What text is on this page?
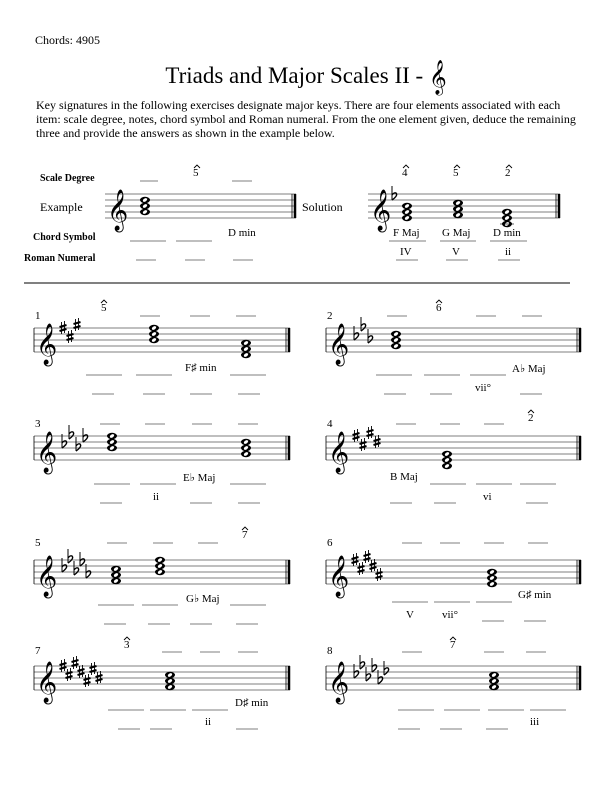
Chords: 4905
Triads and Major Scales II - 𝄞
Key signatures in the following exercises designate major keys. There are four elements associated with each item: scale degree, notes, chord symbol and Roman numeral. From the one element given, deduce the remaining three and provide the answers as shown in the example below.
Scale Degree
Example
Chord Symbol
Roman Numeral
Solution
𝄞	𝄞
𝄞	𝄞
𝄞	𝄞
𝄞	𝄞
𝄞	𝄞
5
D min
4	5	2
F Maj G Maj D min
IV	V	ii
1	2
3	4
5	6
7	8
5
F♯ min
6
A♭ Maj
vii°
E♭ Maj
ii
2
B Maj
vi
7
G♭ Maj
V	vii°
G♯ min
3
D♯ min
ii
7
iii
